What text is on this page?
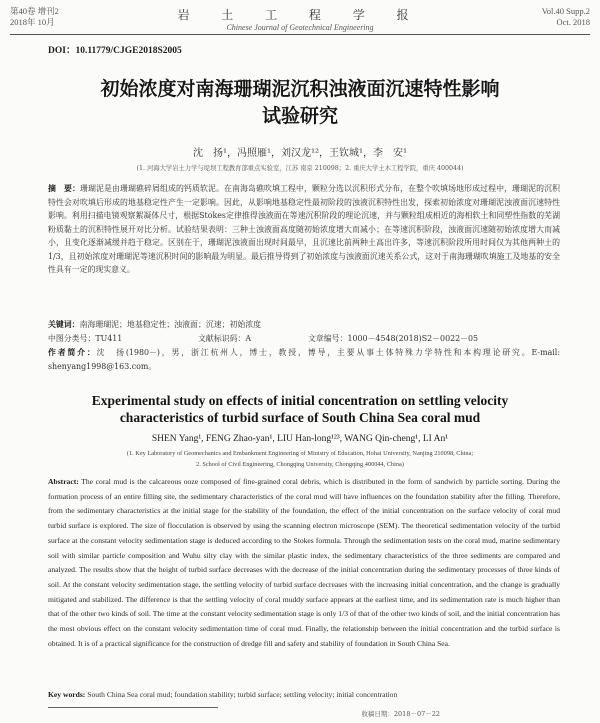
第40卷 增刊2
2018年 10月	岩 土 工 程 学 报
Chinese Journal of Geotechnical Engineering
Vol.40 Supp.2
Oct. 2018
DOI：10.11779/CJGE2018S2005
初始浓度对南海珊瑚泥沉积浊液面沉速特性影响
试验研究
沈　扬¹，冯照雁¹，刘汉龙¹²，王钦城¹，李　安¹
(1. 河海大学岩土力学与堤坝工程教育部重点实验室，江苏 南京 210098；2. 重庆大学土木工程学院，重庆 400044)
摘　要：珊瑚泥是由珊瑚礁碎屑组成的钙质软泥。在南海岛礁吹填工程中，颗粒分选以沉积形式分布，在整个吹填场地形成过程中，珊瑚泥的沉积特性会对吹填后形成的地基稳定性产生一定影响。因此，从影响地基稳定性最初阶段的浊液沉积特性出发，探索初始浓度对珊瑚泥浊液面沉速特性影响。利用扫描电镜观察絮凝体尺寸，根据Stokes定律推得浊液面在等速沉积阶段的理论沉速，并与颗粒组成相近的海相软土和同塑性指数的芜湖粉质黏土的沉积特性展开对比分析。试验结果表明：三种土浊液面高度随初始浓度增大而减小；在等速沉积阶段，浊液面沉速随初始浓度增大而减小，且变化逐渐减缓并趋于稳定。区别在于，珊瑚泥浊液面出现时间最早，且沉速比前两种土高出许多，等速沉积阶段所用时间仅为其他两种土的1/3，且初始浓度对珊瑚泥等速沉积时间的影响最为明显。最后推导得到了初始浓度与浊液面沉速关系公式，这对于南海珊瑚吹填施工及地基的安全性具有一定的现实意义。
关键词：南海珊瑚泥；地基稳定性；浊液面；沉速；初始浓度
中图分类号：TU411	文献标识码：A	文章编号：1000－4548(2018)S2－0022－05
作者简介：沈　扬(1980－)，男，浙江杭州人，博士，教授，博导，主要从事土体特殊力学特性和本构理论研究。E-mail: shenyang1998@163.com。
Experimental study on effects of initial concentration on settling velocity
characteristics of turbid surface of South China Sea coral mud
SHEN Yang¹, FENG Zhao-yan¹, LIU Han-long¹²³, WANG Qin-cheng¹, LI An¹
(1. Key Laboratory of Geomechanics and Embankment Engineering of Ministry of Education, Hohai University, Nanjing 210098, China;
2. School of Civil Engineering, Chongqing University, Chongqing 400044, China)
Abstract: The coral mud is the calcareous ooze composed of fine-grained coral debris, which is distributed in the form of sandwich by particle sorting. During the formation process of an entire filling site, the sedimentary characteristics of the coral mud will have influences on the foundation stability after the filling. Therefore, from the sedimentary characteristics at the initial stage for the stability of the foundation, the effect of the initial concentration on the surface velocity of coral mud turbid surface is explored. The size of flocculation is observed by using the scanning electron microscope (SEM). The theoretical sedimentation velocity of the turbid surface at the constant velocity sedimentation stage is deduced according to the Stokes formula. Through the sedimentation tests on the coral mud, marine sedimentary soil with similar particle composition and Wuhu silty clay with the similar plastic index, the sedimentary characteristics of the three sediments are compared and analyzed. The results show that the height of turbid surface decreases with the decrease of the initial concentration during the sedimentary processes of three kinds of soil. At the constant velocity sedimentation stage, the settling velocity of turbid surface decreases with the increasing initial concentration, and the change is gradually mitigated and stabilized. The difference is that the settling velocity of coral muddy surface appears at the earliest time, and its sedimentation rate is much higher than that of the other two kinds of soil. The time at the constant velocity sedimentation stage is only 1/3 of that of the other two kinds of soil, and the initial concentration has the most obvious effect on the constant velocity sedimentation time of coral mud. Finally, the relationship between the initial concentration and the turbid surface is obtained. It is of a practical significance for the construction of dredge fill and safety and stability of foundation in South China Sea.
Key words: South China Sea coral mud; foundation stability; turbid surface; settling velocity; initial concentration
收稿日期：2018－07－22
